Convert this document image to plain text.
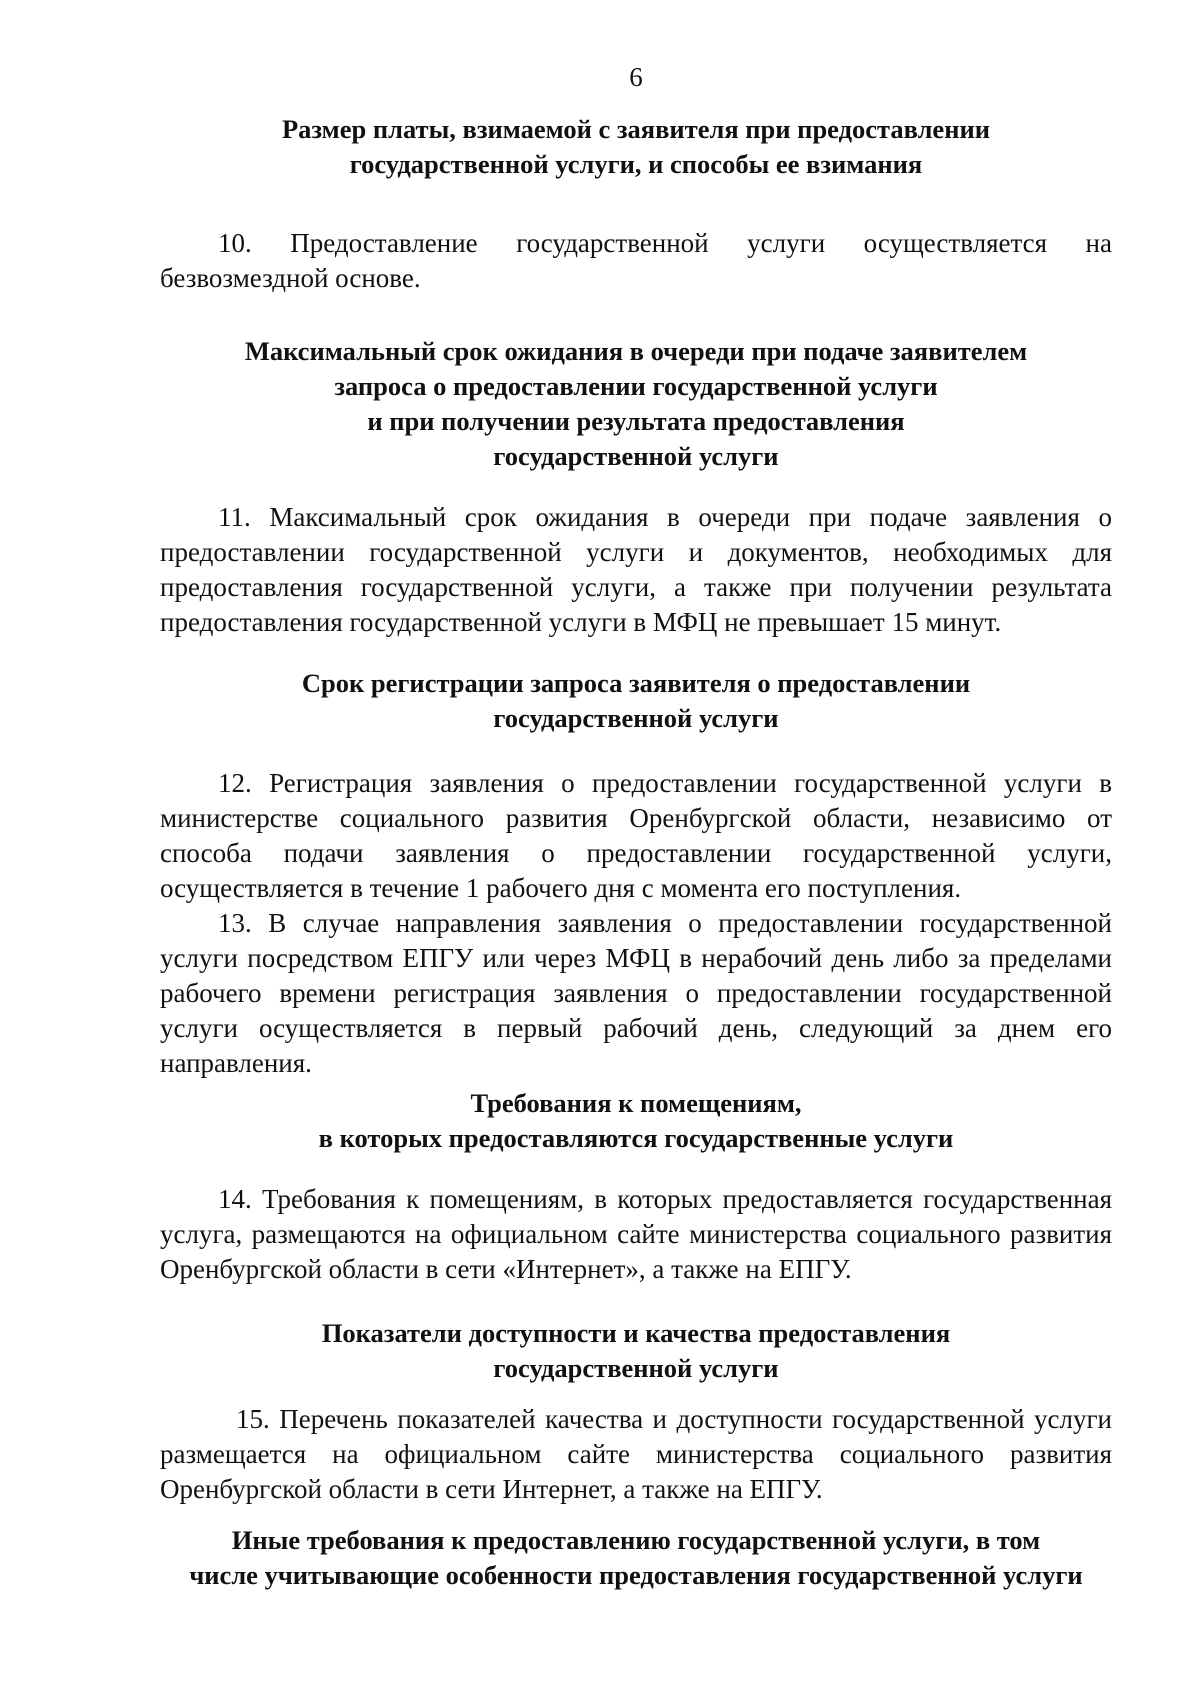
6
Размер платы, взимаемой с заявителя при предоставлении
государственной услуги, и способы ее взимания

10. Предоставление государственной услуги осуществляется на безвозмездной основе.

Максимальный срок ожидания в очереди при подаче заявителем
запроса о предоставлении государственной услуги
и при получении результата предоставления
государственной услуги

11. Максимальный срок ожидания в очереди при подаче заявления о предоставлении государственной услуги и документов, необходимых для предоставления государственной услуги, а также при получении результата предоставления государственной услуги в МФЦ не превышает 15 минут.

Срок регистрации запроса заявителя о предоставлении
государственной услуги

12. Регистрация заявления о предоставлении государственной услуги в министерстве социального развития Оренбургской области, независимо от способа подачи заявления о предоставлении государственной услуги, осуществляется в течение 1 рабочего дня с момента его поступления.

13. В случае направления заявления о предоставлении государственной услуги посредством ЕПГУ или через МФЦ в нерабочий день либо за пределами рабочего времени регистрация заявления о предоставлении государственной услуги осуществляется в первый рабочий день, следующий за днем его направления.

Требования к помещениям,
в которых предоставляются государственные услуги

14. Требования к помещениям, в которых предоставляется государственная услуга, размещаются на официальном сайте министерства социального развития Оренбургской области в сети «Интернет», а также на ЕПГУ.

Показатели доступности и качества предоставления
государственной услуги

15. Перечень показателей качества и доступности государственной услуги размещается на официальном сайте министерства социального развития Оренбургской области в сети Интернет, а также на ЕПГУ.

Иные требования к предоставлению государственной услуги, в том
числе учитывающие особенности предоставления государственной услуги
